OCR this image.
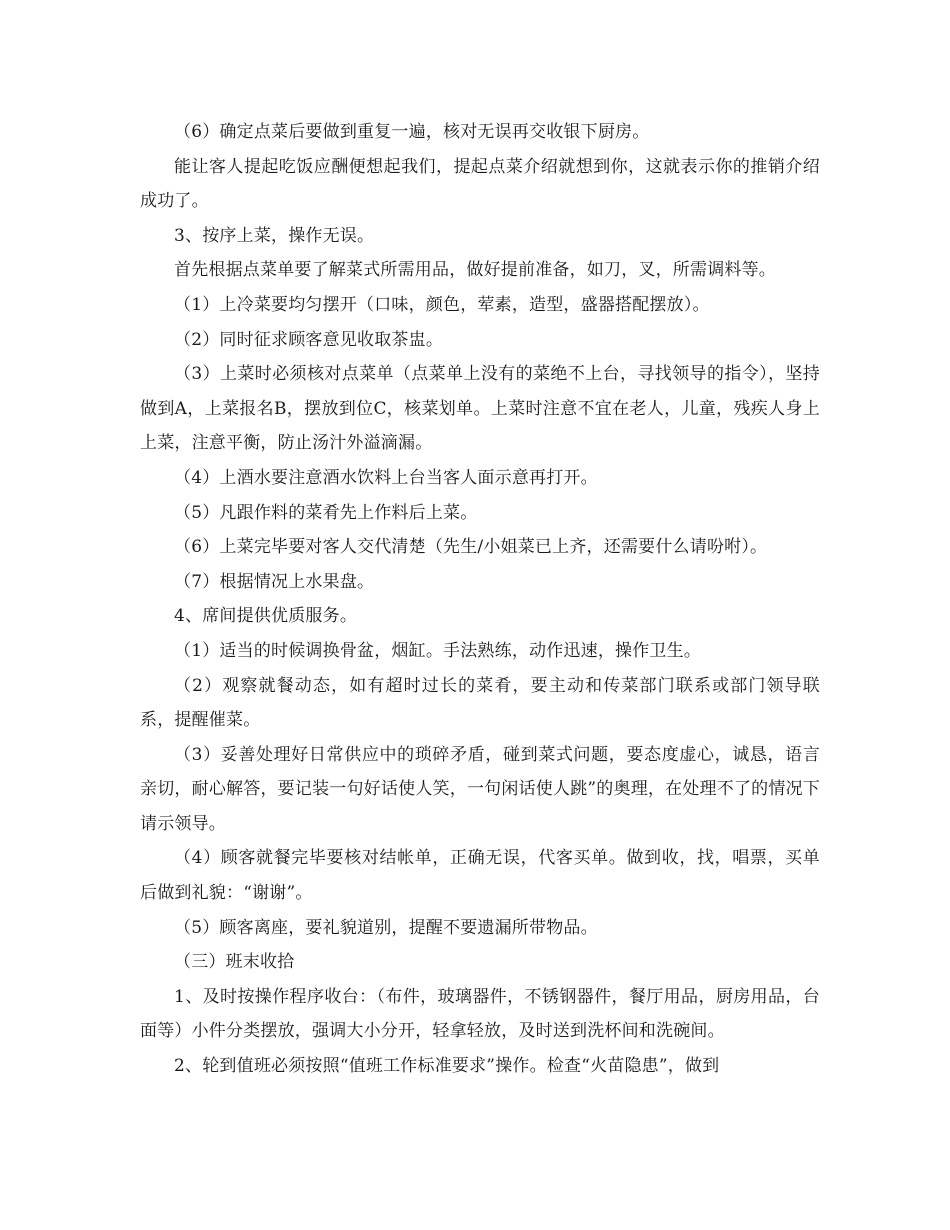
（6）确定点菜后要做到重复一遍，核对无误再交收银下厨房。

能让客人提起吃饭应酬便想起我们，提起点菜介绍就想到你，这就表示你的推销介绍成功了。

3、按序上菜，操作无误。

首先根据点菜单要了解菜式所需用品，做好提前准备，如刀，叉，所需调料等。

（1）上冷菜要均匀摆开（口味，颜色，荤素，造型，盛器搭配摆放）。

（2）同时征求顾客意见收取茶盅。

（3）上菜时必须核对点菜单（点菜单上没有的菜绝不上台，寻找领导的指令），坚持做到A，上菜报名B，摆放到位C，核菜划单。上菜时注意不宜在老人，儿童，残疾人身上上菜，注意平衡，防止汤汁外溢滴漏。

（4）上酒水要注意酒水饮料上台当客人面示意再打开。

（5）凡跟作料的菜肴先上作料后上菜。

（6）上菜完毕要对客人交代清楚（先生/小姐菜已上齐，还需要什么请吩咐）。

（7）根据情况上水果盘。

4、席间提供优质服务。

（1）适当的时候调换骨盆，烟缸。手法熟练，动作迅速，操作卫生。

（2）观察就餐动态，如有超时过长的菜肴，要主动和传菜部门联系或部门领导联系，提醒催菜。

（3）妥善处理好日常供应中的琐碎矛盾，碰到菜式问题，要态度虚心，诚恳，语言亲切，耐心解答，要记装一句好话使人笑，一句闲话使人跳”的奥理，在处理不了的情况下请示领导。

（4）顾客就餐完毕要核对结帐单，正确无误，代客买单。做到收，找，唱票，买单后做到礼貌：“谢谢”。

（5）顾客离座，要礼貌道别，提醒不要遗漏所带物品。

（三）班末收拾

1、及时按操作程序收台：（布件，玻璃器件，不锈钢器件，餐厅用品，厨房用品，台面等）小件分类摆放，强调大小分开，轻拿轻放，及时送到洗杯间和洗碗间。

2、轮到值班必须按照“值班工作标准要求”操作。检查“火苗隐患”，做到
